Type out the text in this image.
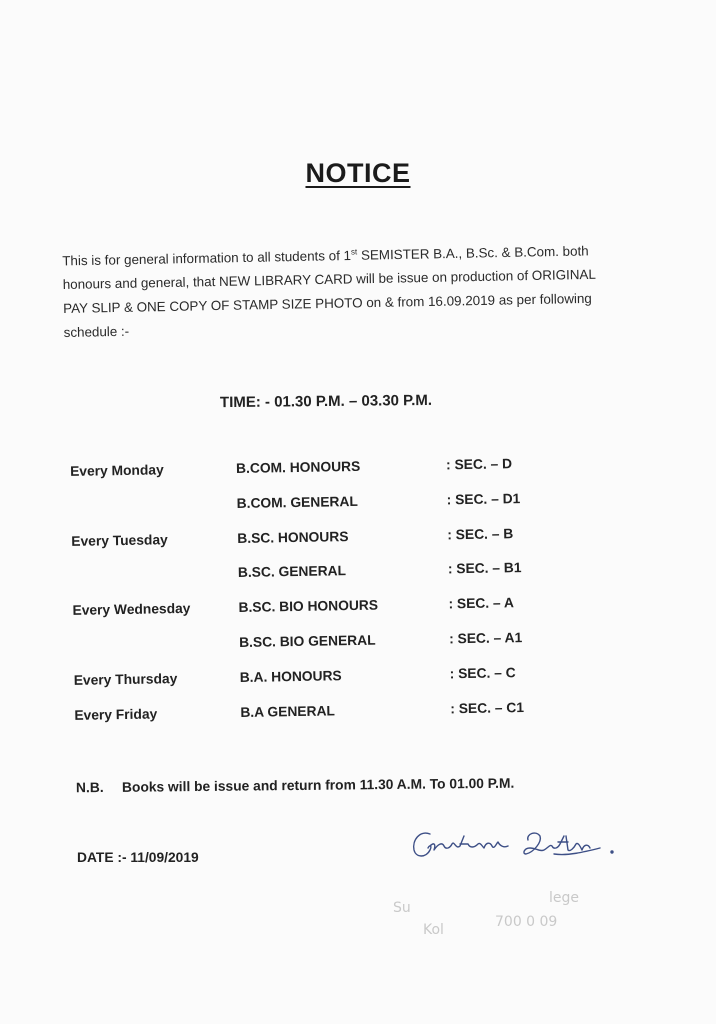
NOTICE
This is for general information to all students of 1st SEMISTER B.A., B.Sc. & B.Com. both honours and general, that NEW LIBRARY CARD will be issue on production of ORIGINAL PAY SLIP & ONE COPY OF STAMP SIZE PHOTO on & from 16.09.2019 as per following schedule :-
TIME: - 01.30 P.M. – 03.30 P.M.
Every Monday	B.COM. HONOURS	: SEC. – D
B.COM. GENERAL	: SEC. – D1
Every Tuesday	B.SC. HONOURS	: SEC. – B
B.SC. GENERAL	: SEC. – B1
Every Wednesday	B.SC. BIO HONOURS	: SEC. – A
B.SC. BIO GENERAL	: SEC. – A1
Every Thursday	B.A. HONOURS	: SEC. – C
Every Friday	B.A GENERAL	: SEC. – C1
N.B. Books will be issue and return from 11.30 A.M. To 01.00 P.M.
DATE :- 11/09/2019
Su
lege
Kol	700 0 09
